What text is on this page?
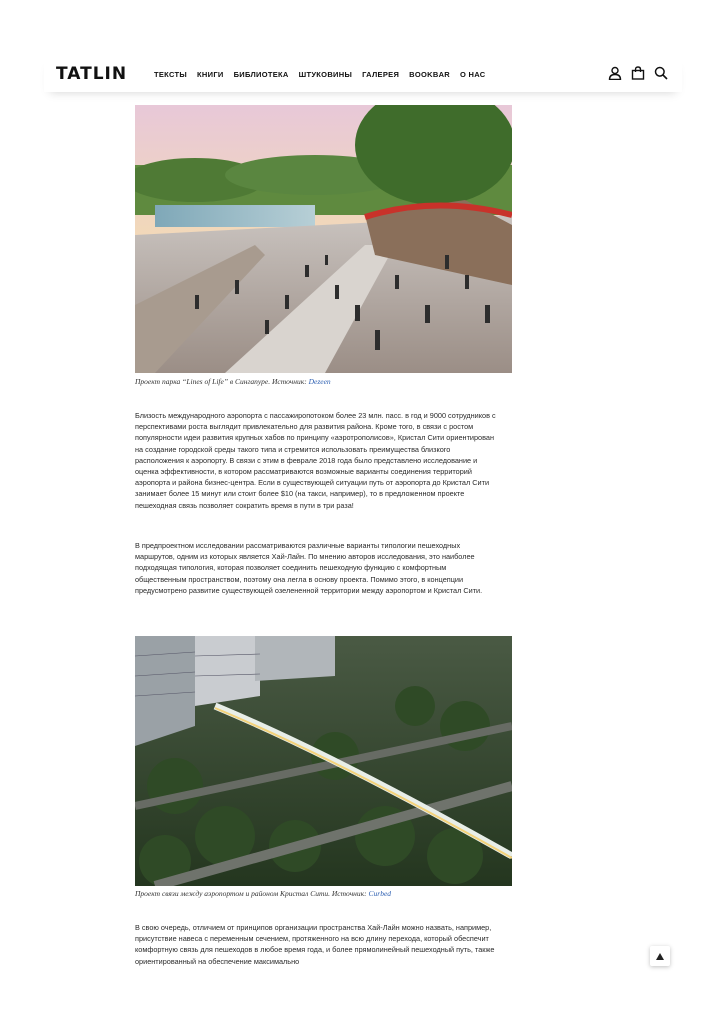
TATLIN	ТЕКСТЫ КНИГИ БИБЛИОТЕКА ШТУКОВИНЫ ГАЛЕРЕЯ BOOKBAR О НАС
Проект парка “Lines of Life” в Сингапуре. Источник: Dezeen

Близость международного аэропорта с пассажиропотоком более 23 млн. пасс. в год и 9000 сотрудников с перспективами роста выглядит привлекательно для развития района. Кроме того, в связи с ростом популярности идеи развития крупных хабов по принципу «аэротрополисов», Кристал Сити ориентирован на создание городской среды такого типа и стремится использовать преимущества близкого расположения к аэропорту. В связи с этим в феврале 2018 года было представлено исследование и оценка эффективности, в котором рассматриваются возможные варианты соединения территорий аэропорта и района бизнес-центра. Если в существующей ситуации путь от аэропорта до Кристал Сити занимает более 15 минут или стоит более $10 (на такси, например), то в предложенном проекте пешеходная связь позволяет сократить время в пути в три раза!

В предпроектном исследовании рассматриваются различные варианты типологии пешеходных маршрутов, одним из которых является Хай-Лайн. По мнению авторов исследования, это наиболее подходящая типология, которая позволяет соединить пешеходную функцию с комфортным общественным пространством, поэтому она легла в основу проекта. Помимо этого, в концепции предусмотрено развитие существующей озелененной территории между аэропортом и Кристал Сити.

Проект связи между аэропортом и районом Кристал Сити. Источник: Curbed

В свою очередь, отличием от принципов организации пространства Хай-Лайн можно назвать, например, присутствие навеса с переменным сечением, протяженного на всю длину перехода, который обеспечит комфортную связь для пешеходов в любое время года, и более прямолинейный пешеходный путь, также ориентированный на обеспечение максимально
